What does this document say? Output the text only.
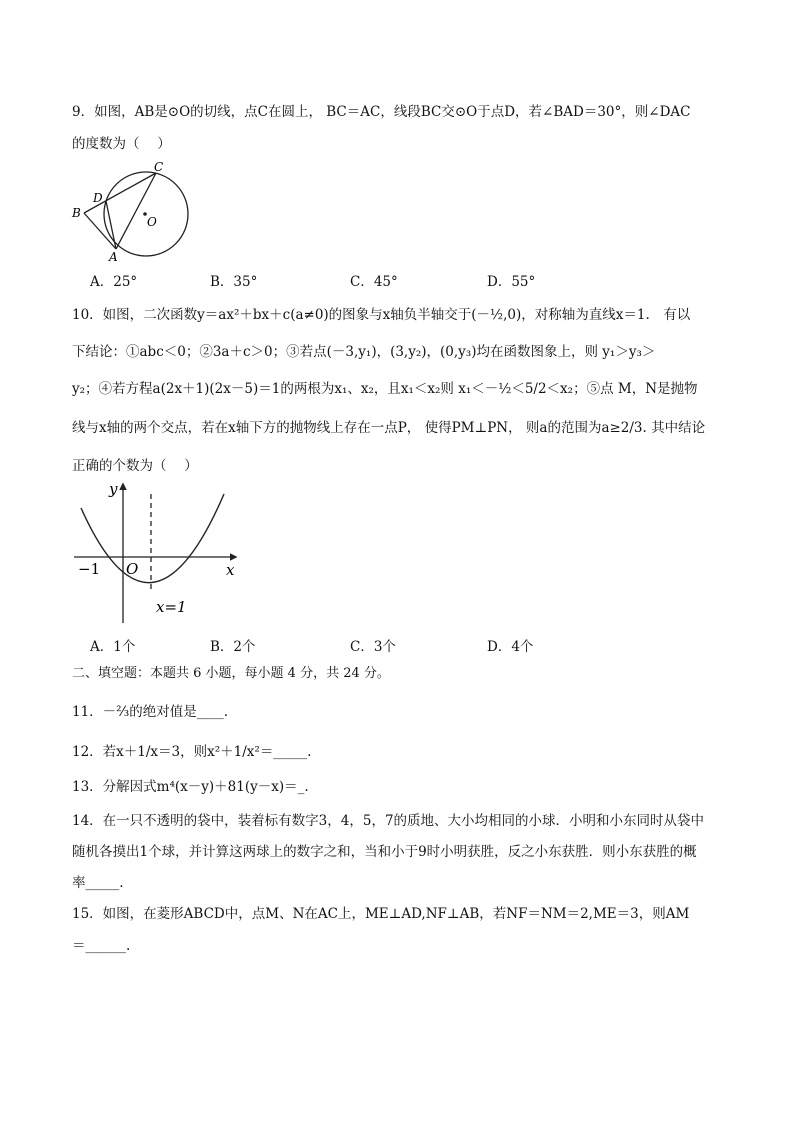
9．如图，AB是⊙O的切线，点C在圆上， BC＝AC，线段BC交⊙O于点D，若∠BAD＝30°，则∠DAC
的度数为（　 ）
B
C
D
A
O
A．25°	B．35°	C．45°	D．55°
10．如图，二次函数y＝ax²＋bx＋c(a≠0)的图象与x轴负半轴交于(－½,0)，对称轴为直线x＝1.　有以
下结论：①abc＜0；②3a＋c＞0；③若点(－3,y₁)，(3,y₂)，(0,y₃)均在函数图象上，则 y₁＞y₃＞
y₂；④若方程a(2x＋1)(2x－5)＝1的两根为x₁、x₂，且x₁＜x₂则 x₁＜－½＜5/2＜x₂；⑤点 M，N是抛物
线与x轴的两个交点，若在x轴下方的抛物线上存在一点P， 使得PM⊥PN， 则a的范围为a≥2/3. 其中结论
正确的个数为（　 ）
y
x
O
−1
x=1
A．1个	B．2个	C．3个	D．4个
二、填空题：本题共 6 小题，每小题 4 分，共 24 分。
11．－⅔的绝对值是____.
12．若x＋1/x＝3，则x²＋1/x²＝_____.
13．分解因式m⁴(x－y)＋81(y－x)＝_.
14．在一只不透明的袋中，装着标有数字3，4，5，7的质地、大小均相同的小球．小明和小东同时从袋中
随机各摸出1个球，并计算这两球上的数字之和，当和小于9时小明获胜，反之小东获胜．则小东获胜的概
率_____.
15．如图，在菱形ABCD中，点M、N在AC上，ME⊥AD,NF⊥AB，若NF＝NM＝2,ME＝3，则AM
＝______.
